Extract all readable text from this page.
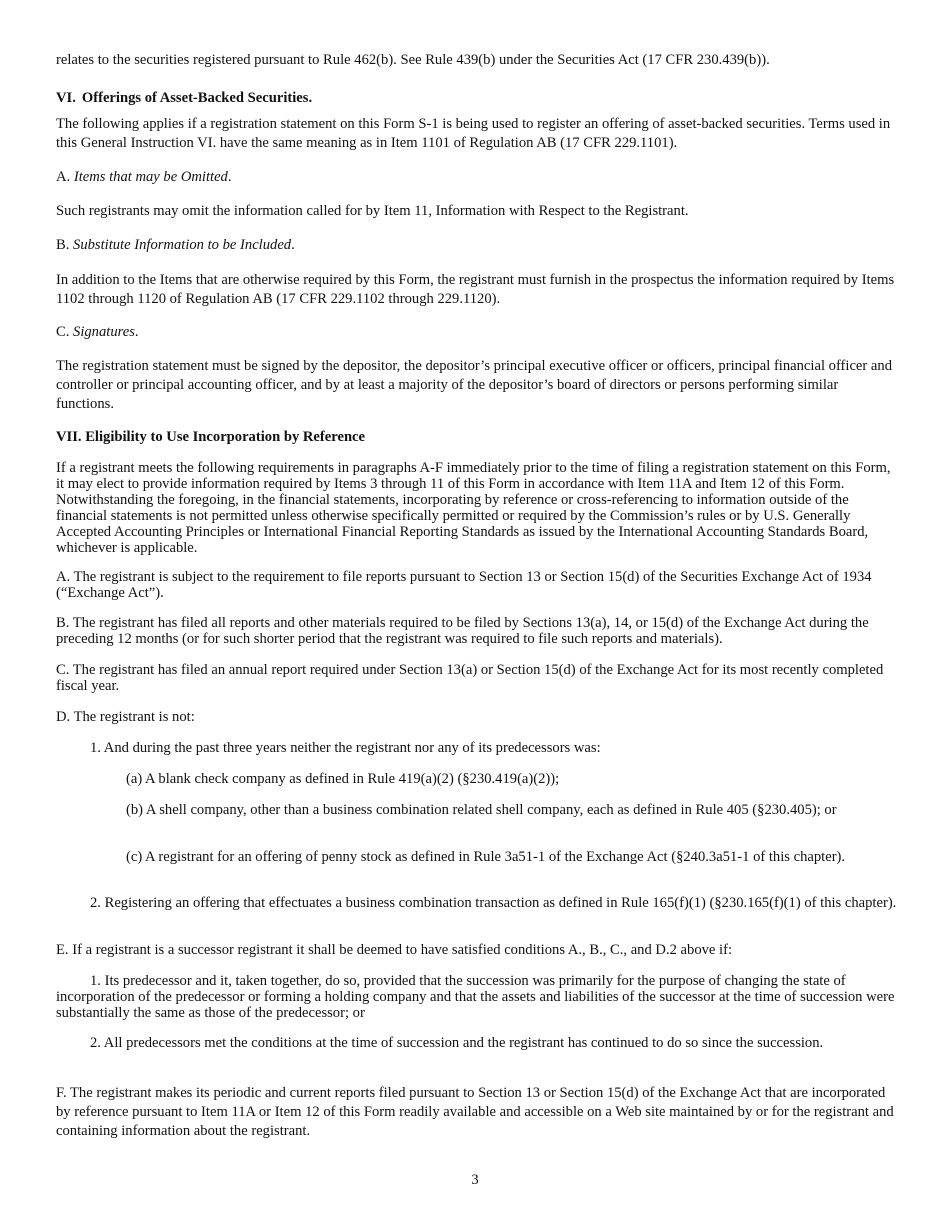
relates to the securities registered pursuant to Rule 462(b). See Rule 439(b) under the Securities Act (17 CFR 230.439(b)).

VI. Offerings of Asset-Backed Securities.

The following applies if a registration statement on this Form S-1 is being used to register an offering of asset-backed securities. Terms used in this General Instruction VI. have the same meaning as in Item 1101 of Regulation AB (17 CFR 229.1101).

A. Items that may be Omitted.

Such registrants may omit the information called for by Item 11, Information with Respect to the Registrant.

B. Substitute Information to be Included.

In addition to the Items that are otherwise required by this Form, the registrant must furnish in the prospectus the information required by Items 1102 through 1120 of Regulation AB (17 CFR 229.1102 through 229.1120).

C. Signatures.

The registration statement must be signed by the depositor, the depositor’s principal executive officer or officers, principal financial officer and controller or principal accounting officer, and by at least a majority of the depositor’s board of directors or persons performing similar functions.

VII. Eligibility to Use Incorporation by Reference

If a registrant meets the following requirements in paragraphs A-F immediately prior to the time of filing a registration statement on this Form, it may elect to provide information required by Items 3 through 11 of this Form in accordance with Item 11A and Item 12 of this Form. Notwithstanding the foregoing, in the financial statements, incorporating by reference or cross-referencing to information outside of the financial statements is not permitted unless otherwise specifically permitted or required by the Commission’s rules or by U.S. Generally Accepted Accounting Principles or International Financial Reporting Standards as issued by the International Accounting Standards Board, whichever is applicable.

A. The registrant is subject to the requirement to file reports pursuant to Section 13 or Section 15(d) of the Securities Exchange Act of 1934 (“Exchange Act”).

B. The registrant has filed all reports and other materials required to be filed by Sections 13(a), 14, or 15(d) of the Exchange Act during the preceding 12 months (or for such shorter period that the registrant was required to file such reports and materials).

C. The registrant has filed an annual report required under Section 13(a) or Section 15(d) of the Exchange Act for its most recently completed fiscal year.

D. The registrant is not:

1. And during the past three years neither the registrant nor any of its predecessors was:

(a) A blank check company as defined in Rule 419(a)(2) (§230.419(a)(2));

(b) A shell company, other than a business combination related shell company, each as defined in Rule 405 (§230.405); or

(c) A registrant for an offering of penny stock as defined in Rule 3a51-1 of the Exchange Act (§240.3a51-1 of this chapter).

2. Registering an offering that effectuates a business combination transaction as defined in Rule 165(f)(1) (§230.165(f)(1) of this chapter).

E. If a registrant is a successor registrant it shall be deemed to have satisfied conditions A., B., C., and D.2 above if:

1. Its predecessor and it, taken together, do so, provided that the succession was primarily for the purpose of changing the state of incorporation of the predecessor or forming a holding company and that the assets and liabilities of the successor at the time of succession were substantially the same as those of the predecessor; or

2. All predecessors met the conditions at the time of succession and the registrant has continued to do so since the succession.

F. The registrant makes its periodic and current reports filed pursuant to Section 13 or Section 15(d) of the Exchange Act that are incorporated by reference pursuant to Item 11A or Item 12 of this Form readily available and accessible on a Web site maintained by or for the registrant and containing information about the registrant.

3
